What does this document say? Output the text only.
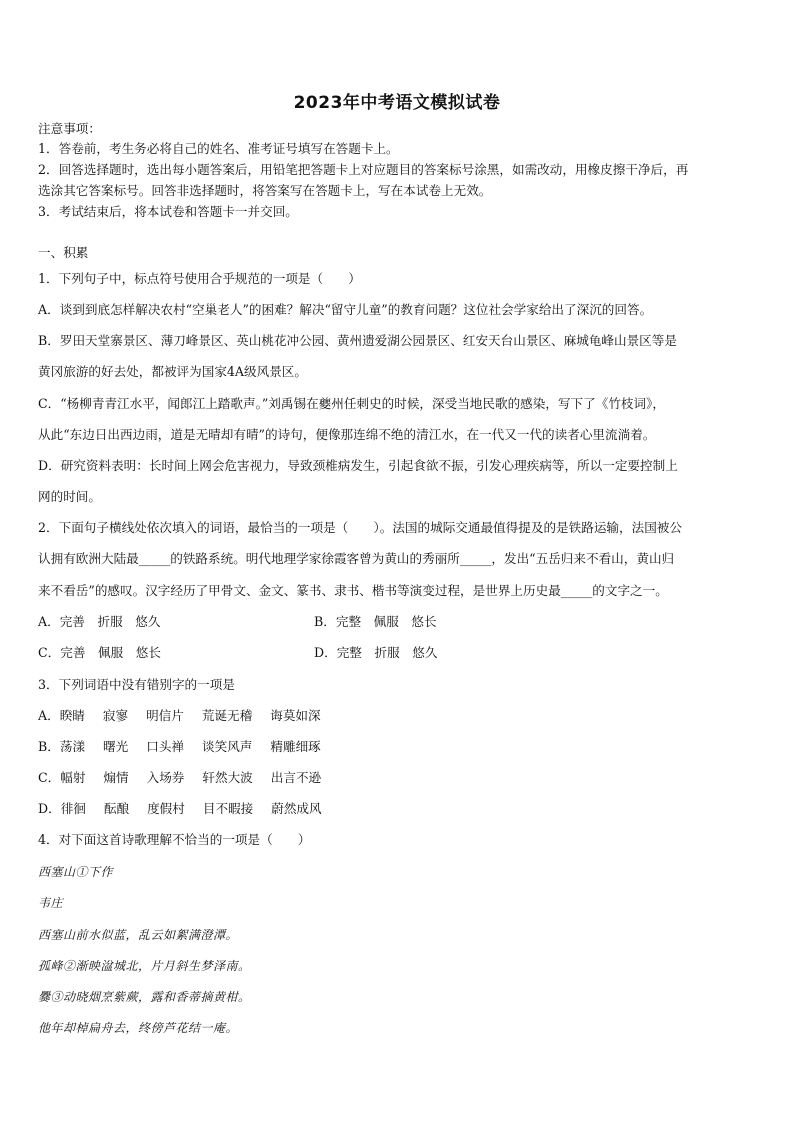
2023年中考语文模拟试卷
注意事项：
1．答卷前，考生务必将自己的姓名、准考证号填写在答题卡上。
2．回答选择题时，选出每小题答案后，用铅笔把答题卡上对应题目的答案标号涂黑，如需改动，用橡皮擦干净后，再
选涂其它答案标号。回答非选择题时，将答案写在答题卡上，写在本试卷上无效。
3．考试结束后，将本试卷和答题卡一并交回。
一、积累
1．下列句子中，标点符号使用合乎规范的一项是（　　）
A．谈到到底怎样解决农村“空巢老人”的困难？解决“留守儿童”的教育问题？这位社会学家给出了深沉的回答。
B．罗田天堂寨景区、薄刀峰景区、英山桃花冲公园、黄州遗爱湖公园景区、红安天台山景区、麻城龟峰山景区等是
黄冈旅游的好去处，都被评为国家4A级风景区。
C．“杨柳青青江水平，闻郎江上踏歌声。”刘禹锡在夔州任刺史的时候，深受当地民歌的感染，写下了《竹枝词》，
从此“东边日出西边雨，道是无晴却有晴”的诗句，便像那连绵不绝的清江水，在一代又一代的读者心里流淌着。
D．研究资料表明：长时间上网会危害视力，导致颈椎病发生，引起食欲不振，引发心理疾病等，所以一定要控制上
网的时间。
2．下面句子横线处依次填入的词语，最恰当的一项是（　　）。法国的城际交通最值得提及的是铁路运输，法国被公
认拥有欧洲大陆最_____的铁路系统。明代地理学家徐霞客曾为黄山的秀丽所_____，发出“五岳归来不看山，黄山归
来不看岳”的感叹。汉字经历了甲骨文、金文、篆书、隶书、楷书等演变过程，是世界上历史最_____的文字之一。
A．完善　折服　悠久	B．完整　佩服　悠长
C．完善　佩服　悠长	D．完整　折服　悠久
3．下列词语中没有错别字的一项是
A．睽睛 寂寥 明信片 荒诞无稽 诲莫如深
B．荡漾 曙光 口头禅 谈笑风声 精雕细琢
C．幅射 煽情 入场券 轩然大波 出言不逊
D．徘徊 酝酿 度假村 目不暇接 蔚然成风
4．对下面这首诗歌理解不恰当的一项是（　　）
西塞山①下作
韦庄
西塞山前水似蓝，乱云如絮满澄潭。
孤峰②渐映湓城北，片月斜生梦泽南。
爨③动晓烟烹紫蕨，露和香蒂摘黄柑。
他年却棹扁舟去，终傍芦花结一庵。
